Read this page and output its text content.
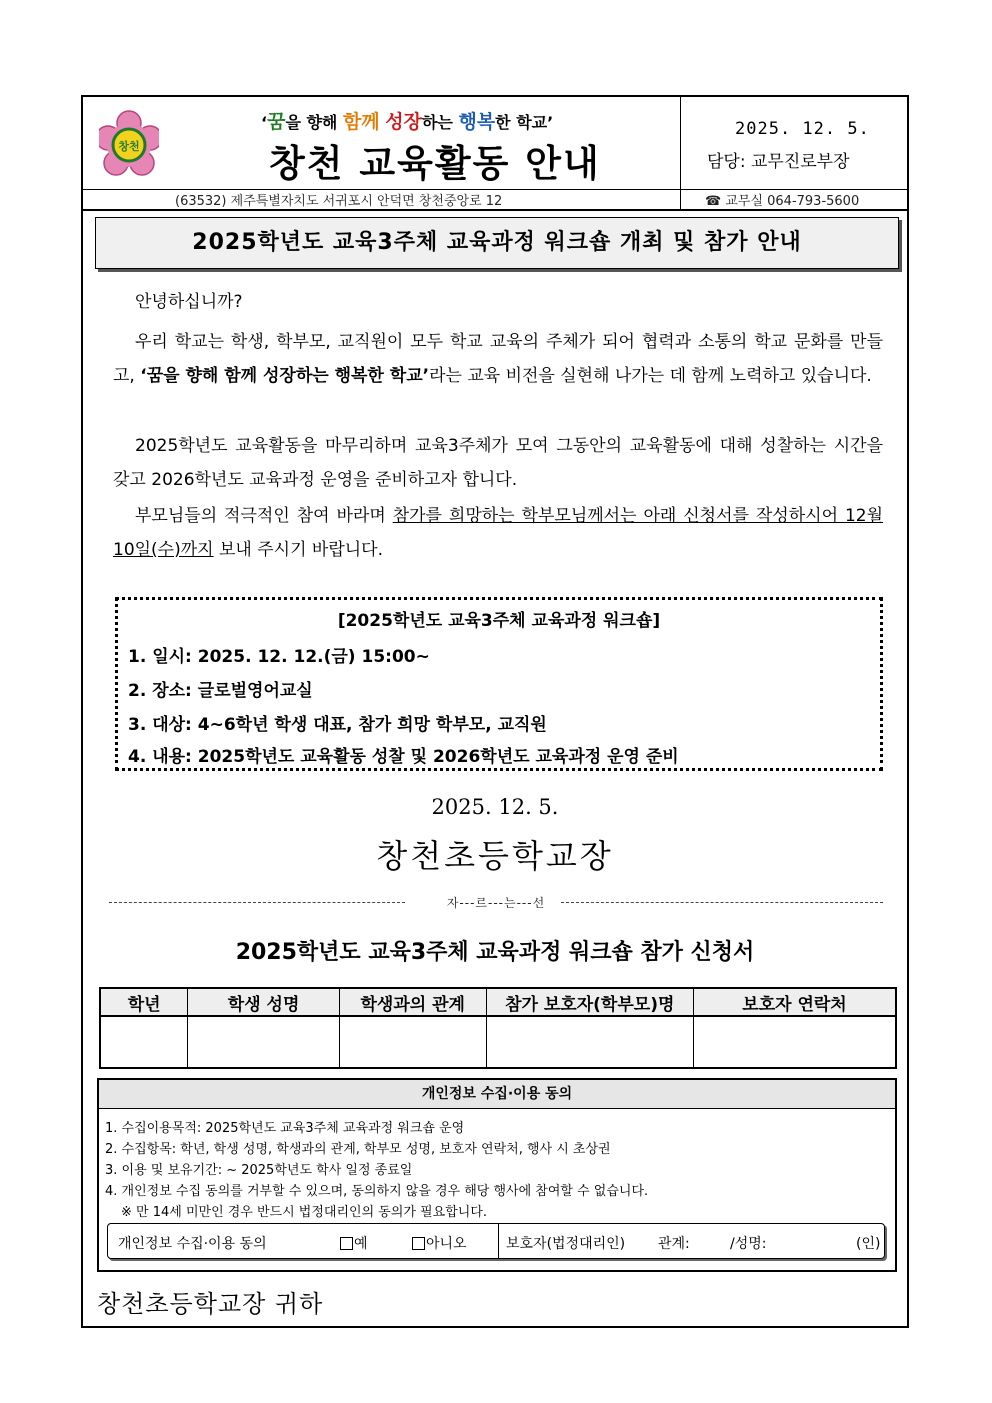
창천
‘꿈을 향해 함께 성장하는 행복한 학교’
창천 교육활동 안내
2025. 12. 5.
담당: 교무진로부장
(63532) 제주특별자치도 서귀포시 안덕면 창천중앙로 12	☎ 교무실 064-793-5600
2025학년도 교육3주체 교육과정 워크숍 개최 및 참가 안내
안녕하십니까?
우리 학교는 학생, 학부모, 교직원이 모두 학교 교육의 주체가 되어 협력과 소통의 학교 문화를 만들고, ‘꿈을 향해 함께 성장하는 행복한 학교’라는 교육 비전을 실현해 나가는 데 함께 노력하고 있습니다.
2025학년도 교육활동을 마무리하며 교육3주체가 모여 그동안의 교육활동에 대해 성찰하는 시간을 갖고 2026학년도 교육과정 운영을 준비하고자 합니다.
부모님들의 적극적인 참여 바라며 참가를 희망하는 학부모님께서는 아래 신청서를 작성하시어 12월 10일(수)까지 보내 주시기 바랍니다.
[2025학년도 교육3주체 교육과정 워크숍]
1. 일시: 2025. 12. 12.(금) 15:00~
2. 장소: 글로벌영어교실
3. 대상: 4~6학년 학생 대표, 참가 희망 학부모, 교직원
4. 내용: 2025학년도 교육활동 성찰 및 2026학년도 교육과정 운영 준비
2025. 12. 5.
창천초등학교장
자---르---는---선
2025학년도 교육3주체 교육과정 워크숍 참가 신청서
학년	학생 성명	학생과의 관계	참가 보호자(학부모)명	보호자 연락처

개인정보 수집·이용 동의
1. 수집이용목적: 2025학년도 교육3주체 교육과정 워크숍 운영
2. 수집항목: 학년, 학생 성명, 학생과의 관계, 학부모 성명, 보호자 연락처, 행사 시 초상권
3. 이용 및 보유기간: ~ 2025학년도 학사 일정 종료일
4. 개인정보 수집 동의를 거부할 수 있으며, 동의하지 않을 경우 해당 행사에 참여할 수 없습니다.
※ 만 14세 미만인 경우 반드시 법정대리인의 동의가 필요합니다.
개인정보 수집·이용 동의	예	아니오	보호자(법정대리인) 관계:	/성명:	(인)
창천초등학교장 귀하
